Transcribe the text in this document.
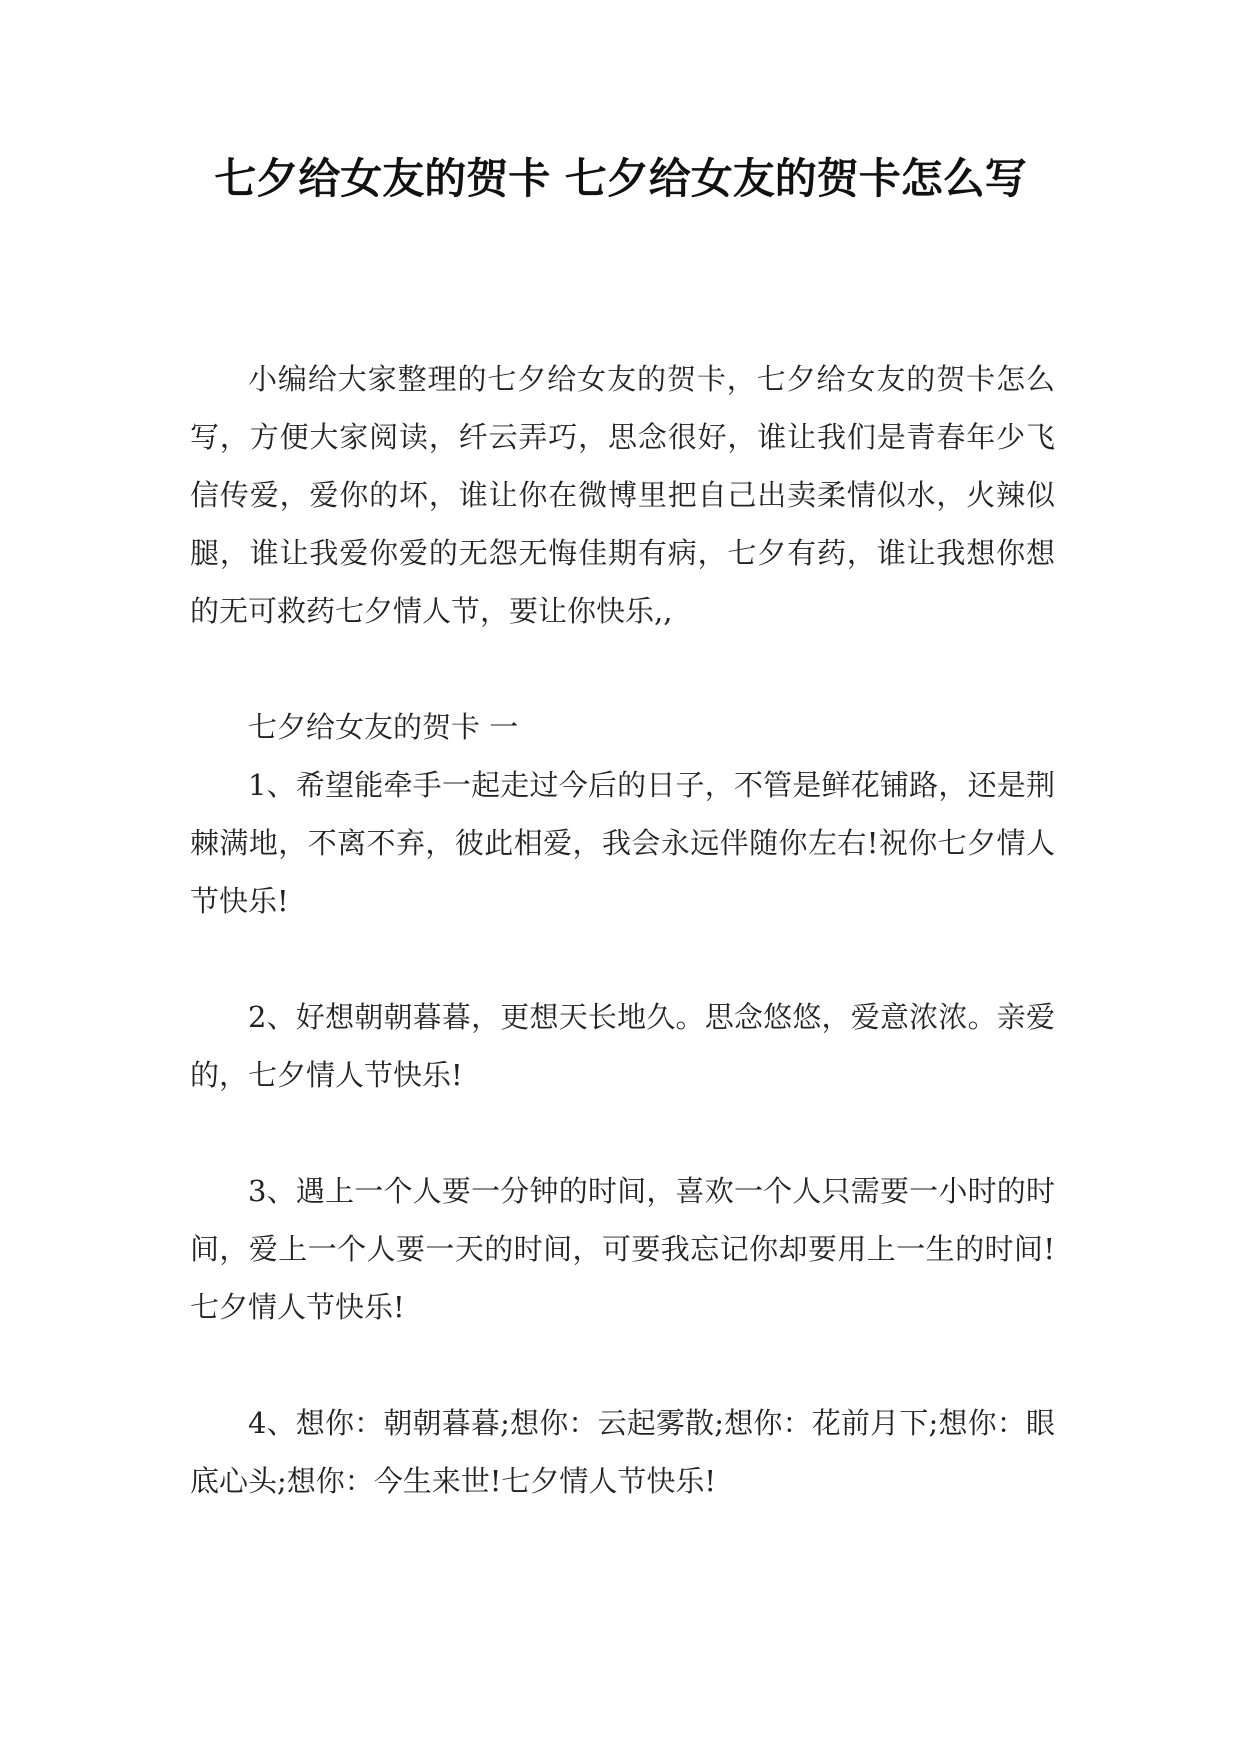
七夕给女友的贺卡 七夕给女友的贺卡怎么写

小编给大家整理的七夕给女友的贺卡，七夕给女友的贺卡怎么写，方便大家阅读，纤云弄巧，思念很好，谁让我们是青春年少飞信传爱，爱你的坏，谁让你在微博里把自己出卖柔情似水，火辣似腿，谁让我爱你爱的无怨无悔佳期有病，七夕有药，谁让我想你想的无可救药七夕情人节，要让你快乐,,

七夕给女友的贺卡 一

1、希望能牵手一起走过今后的日子，不管是鲜花铺路，还是荆棘满地，不离不弃，彼此相爱，我会永远伴随你左右!祝你七夕情人节快乐!

2、好想朝朝暮暮，更想天长地久。思念悠悠，爱意浓浓。亲爱的，七夕情人节快乐!

3、遇上一个人要一分钟的时间，喜欢一个人只需要一小时的时间，爱上一个人要一天的时间，可要我忘记你却要用上一生的时间!七夕情人节快乐!

4、想你：朝朝暮暮;想你：云起雾散;想你：花前月下;想你：眼底心头;想你：今生来世!七夕情人节快乐!
